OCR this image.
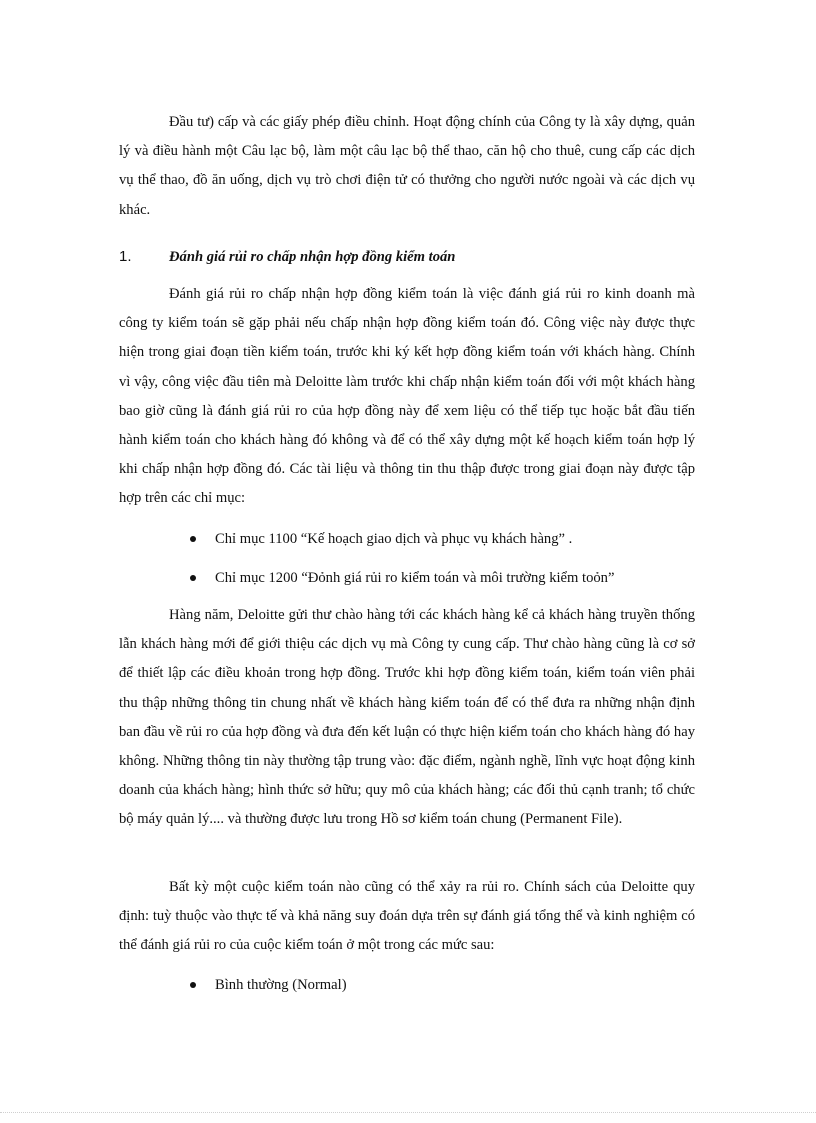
Đầu tư) cấp và các giấy phép điều chỉnh. Hoạt động chính của Công ty là xây dựng, quản lý và điều hành một Câu lạc bộ, làm một câu lạc bộ thể thao, căn hộ cho thuê, cung cấp các dịch vụ thể thao, đồ ăn uống, dịch vụ trò chơi điện tử có thưởng cho người nước ngoài và các dịch vụ khác.

1.	Đánh giá rủi ro chấp nhận hợp đồng kiểm toán

Đánh giá rủi ro chấp nhận hợp đồng kiểm toán là việc đánh giá rủi ro kinh doanh mà công ty kiểm toán sẽ gặp phải nếu chấp nhận hợp đồng kiểm toán đó. Công việc này được thực hiện trong giai đoạn tiền kiểm toán, trước khi ký kết hợp đồng kiểm toán với khách hàng. Chính vì vậy, công việc đầu tiên mà Deloitte làm trước khi chấp nhận kiểm toán đối với một khách hàng bao giờ cũng là đánh giá rủi ro của hợp đồng này để xem liệu có thể tiếp tục hoặc bắt đầu tiến hành kiểm toán cho khách hàng đó không và để có thể xây dựng một kế hoạch kiểm toán hợp lý khi chấp nhận hợp đồng đó. Các tài liệu và thông tin thu thập được trong giai đoạn này được tập hợp trên các chỉ mục:

Chỉ mục 1100 “Kế hoạch giao dịch và phục vụ khách hàng” .
Chỉ mục 1200 “Đỏnh giá rủi ro kiểm toán và môi trường kiểm toỏn”

Hàng năm, Deloitte gửi thư chào hàng tới các khách hàng kể cả khách hàng truyền thống lẫn khách hàng mới để giới thiệu các dịch vụ mà Công ty cung cấp. Thư chào hàng cũng là cơ sở để thiết lập các điều khoản trong hợp đồng. Trước khi hợp đồng kiểm toán, kiểm toán viên phải thu thập những thông tin chung nhất về khách hàng kiểm toán để có thể đưa ra những nhận định ban đầu về rủi ro của hợp đồng và đưa đến kết luận có thực hiện kiểm toán cho khách hàng đó hay không. Những thông tin này thường tập trung vào: đặc điểm, ngành nghề, lĩnh vực hoạt động kinh doanh của khách hàng; hình thức sở hữu; quy mô của khách hàng; các đối thủ cạnh tranh; tổ chức bộ máy quản lý.... và thường được lưu trong Hồ sơ kiểm toán chung (Permanent File).

Bất kỳ một cuộc kiểm toán nào cũng có thể xảy ra rủi ro. Chính sách của Deloitte quy định: tuỳ thuộc vào thực tế và khả năng suy đoán dựa trên sự đánh giá tổng thể và kinh nghiệm có thể đánh giá rủi ro của cuộc kiểm toán ở một trong các mức sau:

Bình thường (Normal)
